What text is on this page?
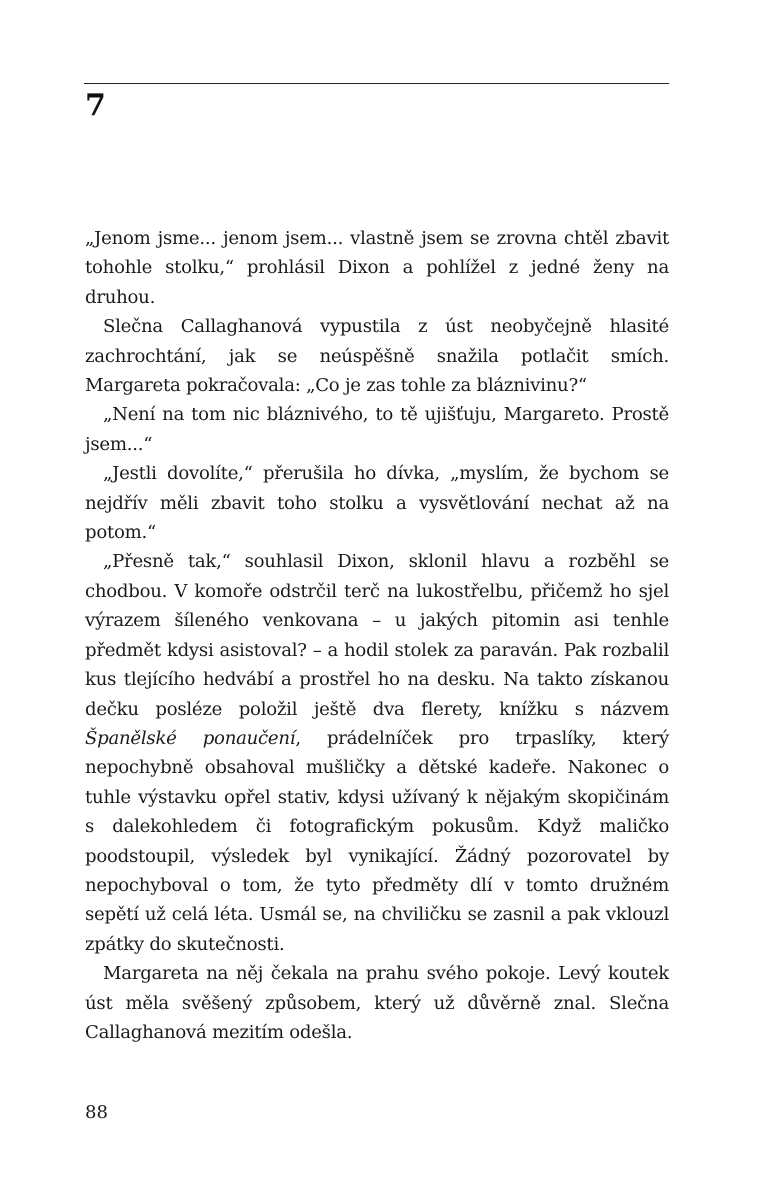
7

„Jenom jsme... jenom jsem... vlastně jsem se zrovna chtěl zbavit tohohle stolku,“ prohlásil Dixon a pohlížel z jedné ženy na druhou.

Slečna Callaghanová vypustila z úst neobyčejně hlasité zachrochtání, jak se neúspěšně snažila potlačit smích. Margareta pokračovala: „Co je zas tohle za bláznivinu?“

„Není na tom nic bláznivého, to tě ujišťuju, Margareto. Prostě jsem...“

„Jestli dovolíte,“ přerušila ho dívka, „myslím, že bychom se nejdřív měli zbavit toho stolku a vysvětlování nechat až na potom.“

„Přesně tak,“ souhlasil Dixon, sklonil hlavu a rozběhl se chodbou. V komoře odstrčil terč na lukostřelbu, přičemž ho sjel výrazem šíleného venkovana – u jakých pitomin asi tenhle předmět kdysi asistoval? – a hodil stolek za paraván. Pak rozbalil kus tlejícího hedvábí a prostřel ho na desku. Na takto získanou dečku posléze položil ještě dva flerety, knížku s názvem Španělské ponaučení, prádelníček pro trpaslíky, který nepochybně obsahoval mušličky a dětské kadeře. Nakonec o tuhle výstavku opřel stativ, kdysi užívaný k nějakým skopičinám s dalekohledem či fotografickým pokusům. Když maličko poodstoupil, výsledek byl vynikající. Žádný pozorovatel by nepochyboval o tom, že tyto předměty dlí v tomto družném sepětí už celá léta. Usmál se, na chviličku se zasnil a pak vklouzl zpátky do skutečnosti.

Margareta na něj čekala na prahu svého pokoje. Levý koutek úst měla svěšený způsobem, který už důvěrně znal. Slečna Callaghanová mezitím odešla.

88
